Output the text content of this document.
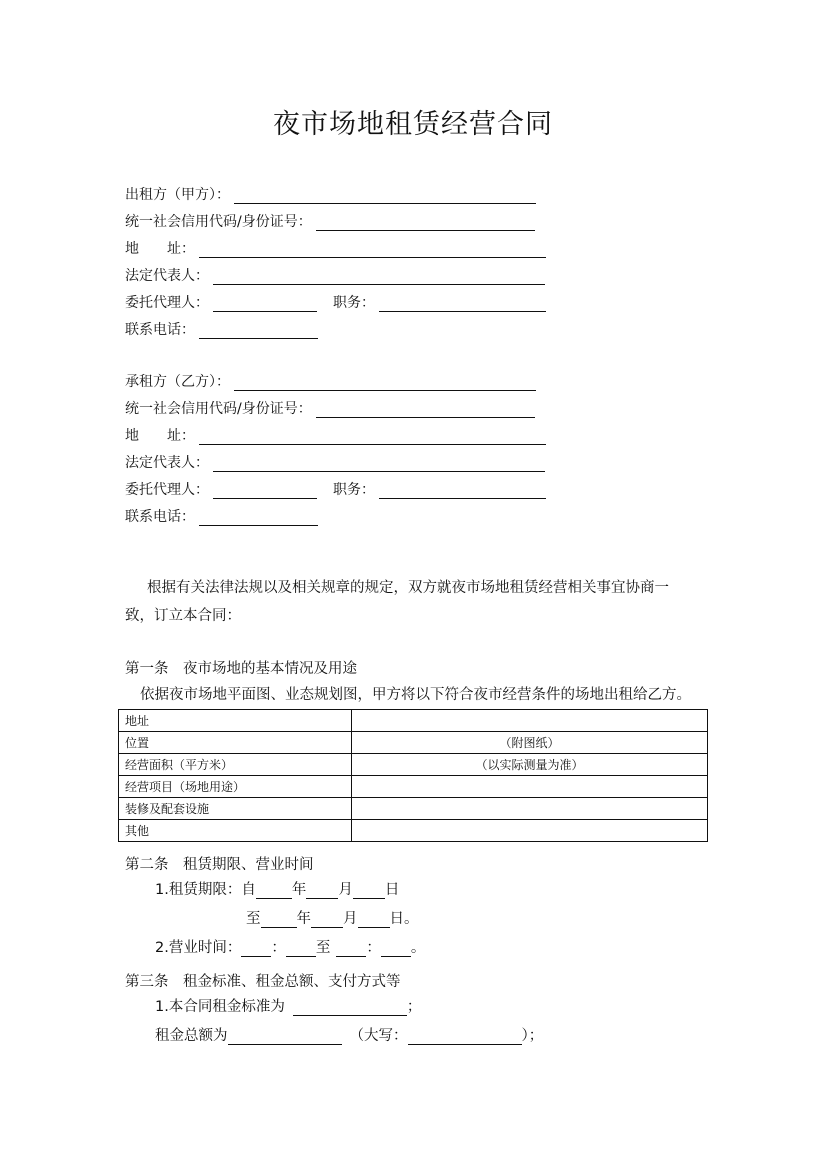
夜市场地租赁经营合同
出租方（甲方）：
统一社会信用代码/身份证号：
地　　址：
法定代表人：
委托代理人：	职务：
联系电话：
承租方（乙方）：
统一社会信用代码/身份证号：
地　　址：
法定代表人：
委托代理人：	职务：
联系电话：
根据有关法律法规以及相关规章的规定，双方就夜市场地租赁经营相关事宜协商一
致，订立本合同：
第一条　夜市场地的基本情况及用途
依据夜市场地平面图、业态规划图，甲方将以下符合夜市经营条件的场地出租给乙方。
地址	
位置	（附图纸）
经营面积（平方米）	（以实际测量为准）
经营项目（场地用途）	
装修及配套设施	
其他	
第二条　租赁期限、营业时间
1.租赁期限：自 年 月 日
至 年 月 日。
2.营业时间： ： 至 ： 。
第三条　租金标准、租金总额、支付方式等
1.本合同租金标准为	；
租金总额为	（大写：	）；
